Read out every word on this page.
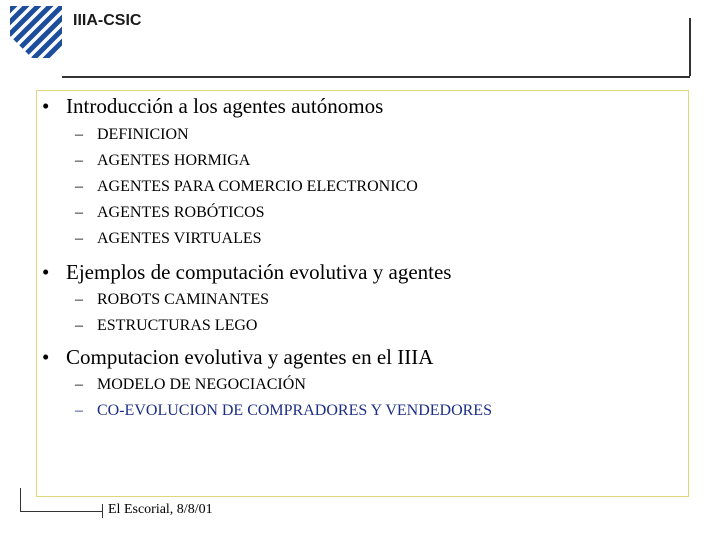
IIIA-CSIC
• Introducción a los agentes autónomos
– DEFINICION
– AGENTES HORMIGA
– AGENTES PARA COMERCIO ELECTRONICO
– AGENTES ROBÓTICOS
– AGENTES VIRTUALES
• Ejemplos de computación evolutiva y agentes
– ROBOTS CAMINANTES
– ESTRUCTURAS LEGO
• Computacion evolutiva y agentes en el IIIA
– MODELO DE NEGOCIACIÓN
– CO-EVOLUCION DE COMPRADORES Y VENDEDORES
El Escorial, 8/8/01
